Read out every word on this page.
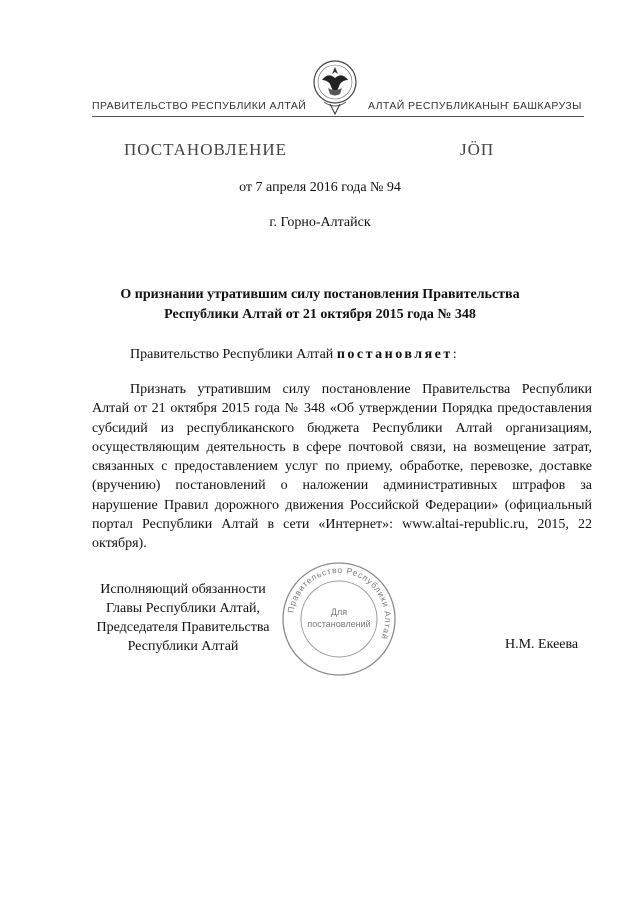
ПРАВИТЕЛЬСТВО РЕСПУБЛИКИ АЛТАЙ	АЛТАЙ РЕСПУБЛИКАНЫҤ БАШКАРУЗЫ
ПОСТАНОВЛЕНИЕ	JÖП
от 7 апреля 2016 года № 94
г. Горно-Алтайск
О признании утратившим силу постановления Правительства
Республики Алтай от 21 октября 2015 года № 348
Правительство Республики Алтай постановляет:
Признать утратившим силу постановление Правительства Республики Алтай от 21 октября 2015 года № 348 «Об утверждении Порядка предоставления субсидий из республиканского бюджета Республики Алтай организациям, осуществляющим деятельность в сфере почтовой связи, на возмещение затрат, связанных с предоставлением услуг по приему, обработке, перевозке, доставке (вручению) постановлений о наложении административных штрафов за нарушение Правил дорожного движения Российской Федерации» (официальный портал Республики Алтай в сети «Интернет»: www.altai-republic.ru, 2015, 22 октября).
Исполняющий обязанности
Главы Республики Алтай,
Председателя Правительства
Республики Алтай
Правительство Республики Алтай
Для
постановлений
Н.М. Екеева
